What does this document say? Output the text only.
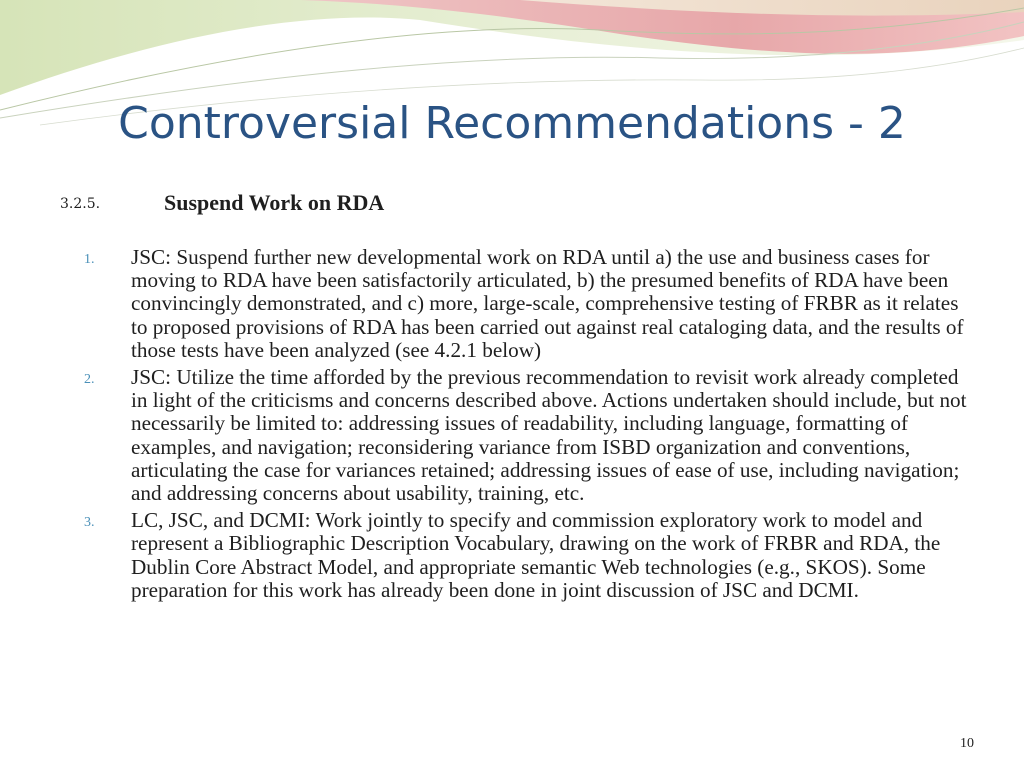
Controversial Recommendations - 2
3.2.5.	Suspend Work on RDA
1.	JSC: Suspend further new developmental work on RDA until a) the use and business cases for moving to RDA have been satisfactorily articulated, b) the presumed benefits of RDA have been convincingly demonstrated, and c) more, large-scale, comprehensive testing of FRBR as it relates to proposed provisions of RDA has been carried out against real cataloging data, and the results of those tests have been analyzed (see 4.2.1 below)
2.	JSC: Utilize the time afforded by the previous recommendation to revisit work already completed in light of the criticisms and concerns described above. Actions undertaken should include, but not necessarily be limited to: addressing issues of readability, including language, formatting of examples, and navigation; reconsidering variance from ISBD organization and conventions, articulating the case for variances retained; addressing issues of ease of use, including navigation; and addressing concerns about usability, training, etc.
3.	LC, JSC, and DCMI: Work jointly to specify and commission exploratory work to model and represent a Bibliographic Description Vocabulary, drawing on the work of FRBR and RDA, the Dublin Core Abstract Model, and appropriate semantic Web technologies (e.g., SKOS). Some preparation for this work has already been done in joint discussion of JSC and DCMI.
10
